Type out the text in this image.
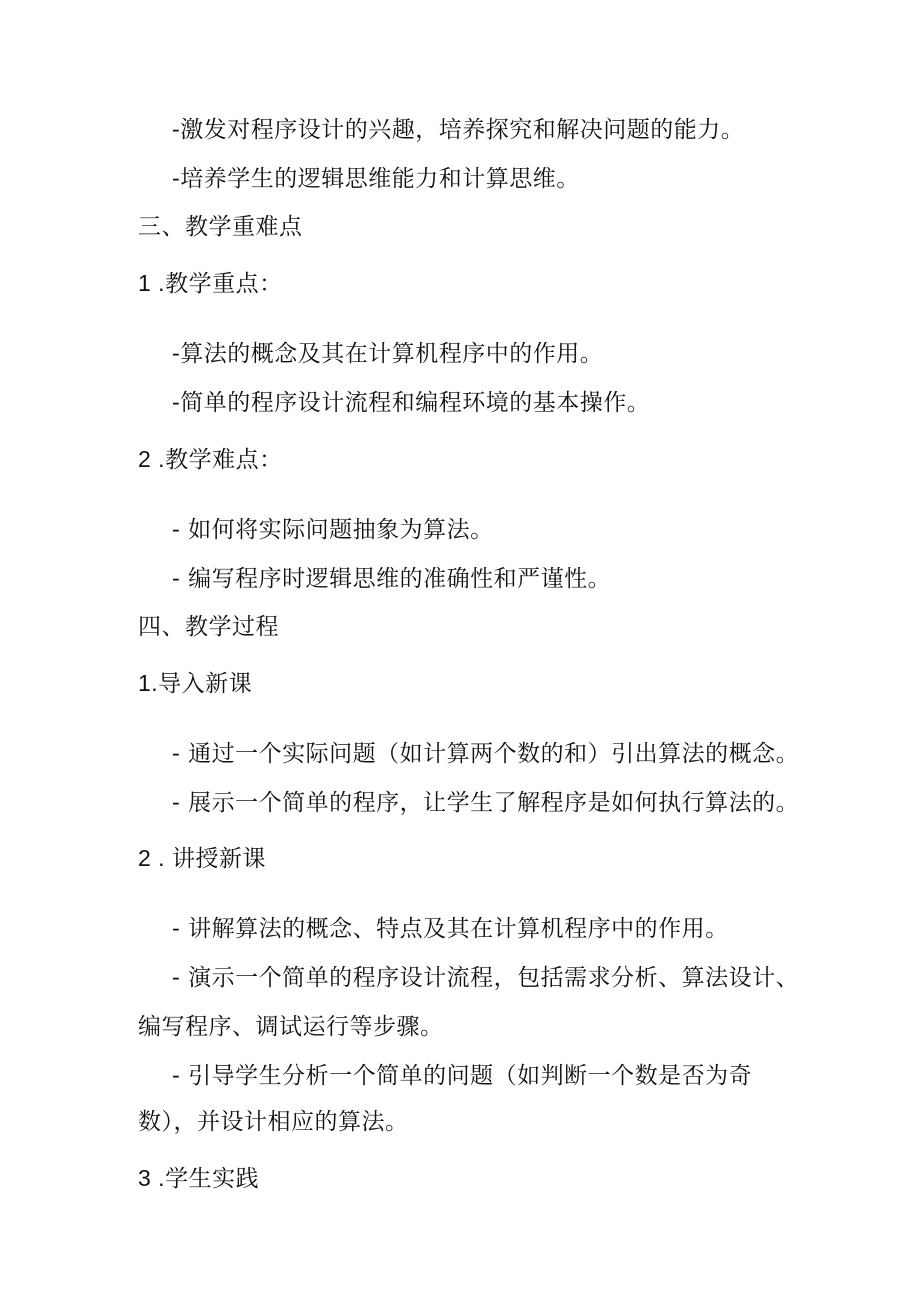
-激发对程序设计的兴趣，培养探究和解决问题的能力。
-培养学生的逻辑思维能力和计算思维。
三、教学重难点
1 .教学重点：
-算法的概念及其在计算机程序中的作用。
-简单的程序设计流程和编程环境的基本操作。
2 .教学难点：
- 如何将实际问题抽象为算法。
- 编写程序时逻辑思维的准确性和严谨性。
四、教学过程
1.导入新课
- 通过一个实际问题（如计算两个数的和）引出算法的概念。
- 展示一个简单的程序，让学生了解程序是如何执行算法的。
2 . 讲授新课
- 讲解算法的概念、特点及其在计算机程序中的作用。
- 演示一个简单的程序设计流程，包括需求分析、算法设计、
编写程序、调试运行等步骤。
- 引导学生分析一个简单的问题（如判断一个数是否为奇
数），并设计相应的算法。
3 .学生实践
